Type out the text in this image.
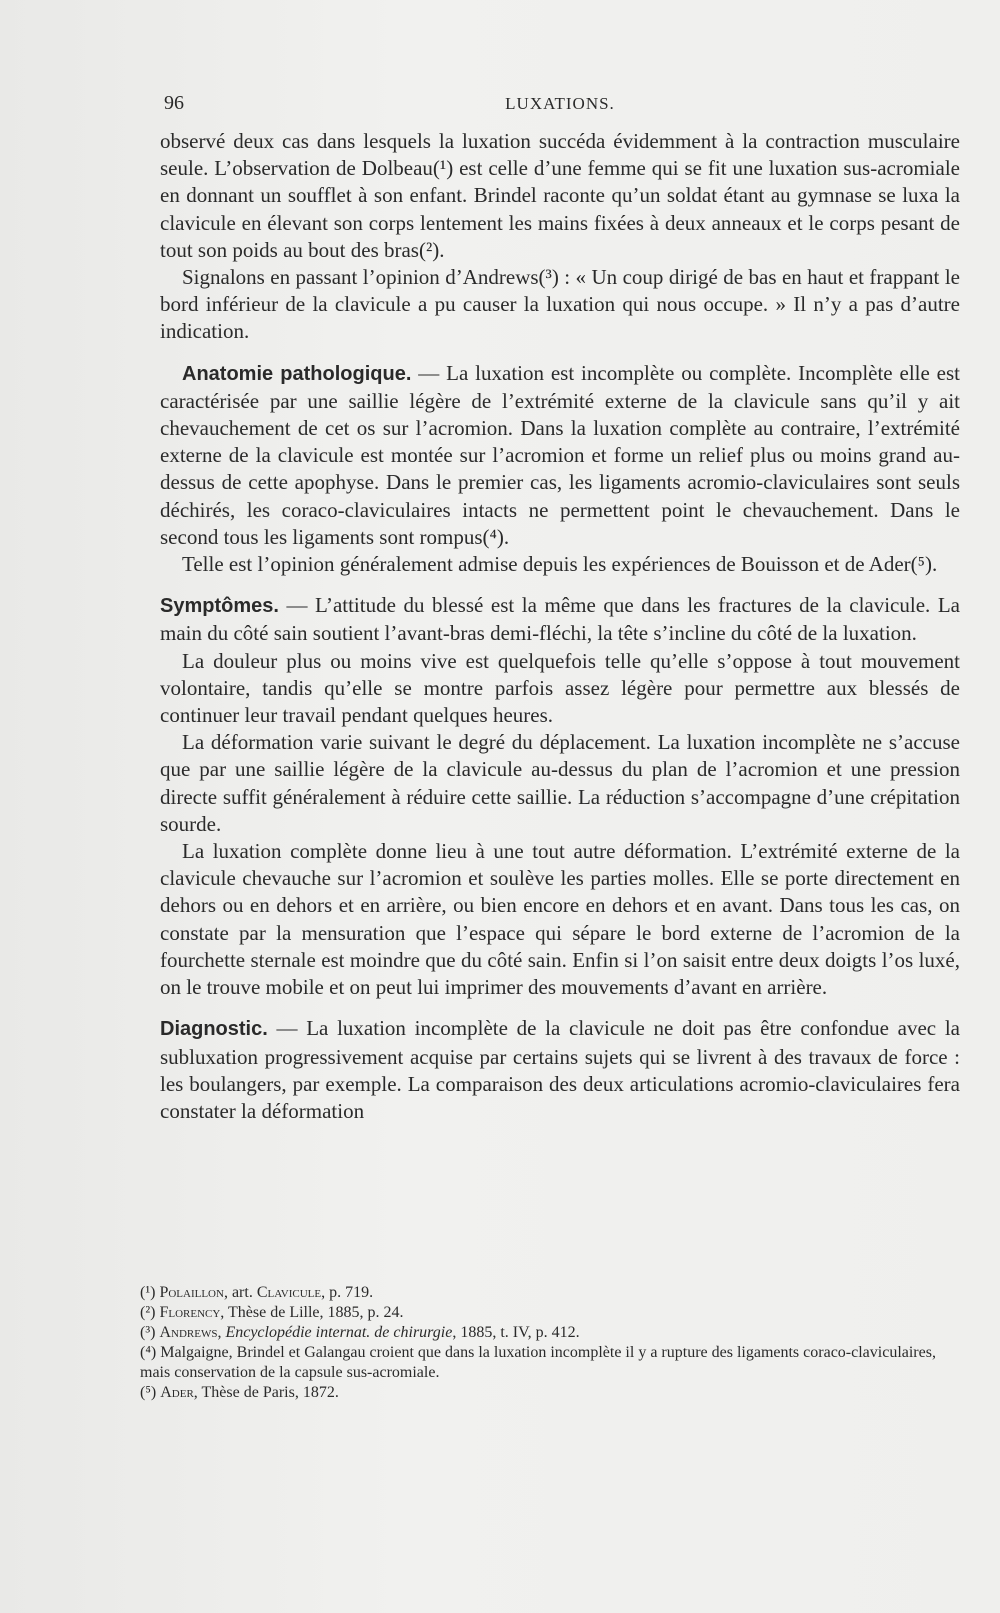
96	LUXATIONS.

observé deux cas dans lesquels la luxation succéda évidemment à la contraction musculaire seule. L’observation de Dolbeau(¹) est celle d’une femme qui se fit une luxation sus-acromiale en donnant un soufflet à son enfant. Brindel raconte qu’un soldat étant au gymnase se luxa la clavicule en élevant son corps lentement les mains fixées à deux anneaux et le corps pesant de tout son poids au bout des bras(²).

Signalons en passant l’opinion d’Andrews(³) : « Un coup dirigé de bas en haut et frappant le bord inférieur de la clavicule a pu causer la luxation qui nous occupe. » Il n’y a pas d’autre indication.

Anatomie pathologique. — La luxation est incomplète ou complète. Incomplète elle est caractérisée par une saillie légère de l’extrémité externe de la clavicule sans qu’il y ait chevauchement de cet os sur l’acromion. Dans la luxation complète au contraire, l’extrémité externe de la clavicule est montée sur l’acromion et forme un relief plus ou moins grand au-dessus de cette apophyse. Dans le premier cas, les ligaments acromio-claviculaires sont seuls déchirés, les coraco-claviculaires intacts ne permettent point le chevauchement. Dans le second tous les ligaments sont rompus(⁴).

Telle est l’opinion généralement admise depuis les expériences de Bouisson et de Ader(⁵).

Symptômes. — L’attitude du blessé est la même que dans les fractures de la clavicule. La main du côté sain soutient l’avant-bras demi-fléchi, la tête s’incline du côté de la luxation.

La douleur plus ou moins vive est quelquefois telle qu’elle s’oppose à tout mouvement volontaire, tandis qu’elle se montre parfois assez légère pour permettre aux blessés de continuer leur travail pendant quelques heures.

La déformation varie suivant le degré du déplacement. La luxation incomplète ne s’accuse que par une saillie légère de la clavicule au-dessus du plan de l’acromion et une pression directe suffit généralement à réduire cette saillie. La réduction s’accompagne d’une crépitation sourde.

La luxation complète donne lieu à une tout autre déformation. L’extrémité externe de la clavicule chevauche sur l’acromion et soulève les parties molles. Elle se porte directement en dehors ou en dehors et en arrière, ou bien encore en dehors et en avant. Dans tous les cas, on constate par la mensuration que l’espace qui sépare le bord externe de l’acromion de la fourchette sternale est moindre que du côté sain. Enfin si l’on saisit entre deux doigts l’os luxé, on le trouve mobile et on peut lui imprimer des mouvements d’avant en arrière.

Diagnostic. — La luxation incomplète de la clavicule ne doit pas être confondue avec la subluxation progressivement acquise par certains sujets qui se livrent à des travaux de force : les boulangers, par exemple. La comparaison des deux articulations acromio-claviculaires fera constater la déformation

(¹) Polaillon, art. Clavicule, p. 719.

(²) Florency, Thèse de Lille, 1885, p. 24.

(³) Andrews, Encyclopédie internat. de chirurgie, 1885, t. IV, p. 412.

(⁴) Malgaigne, Brindel et Galangau croient que dans la luxation incomplète il y a rupture des ligaments coraco-claviculaires, mais conservation de la capsule sus-acromiale.

(⁵) Ader, Thèse de Paris, 1872.
